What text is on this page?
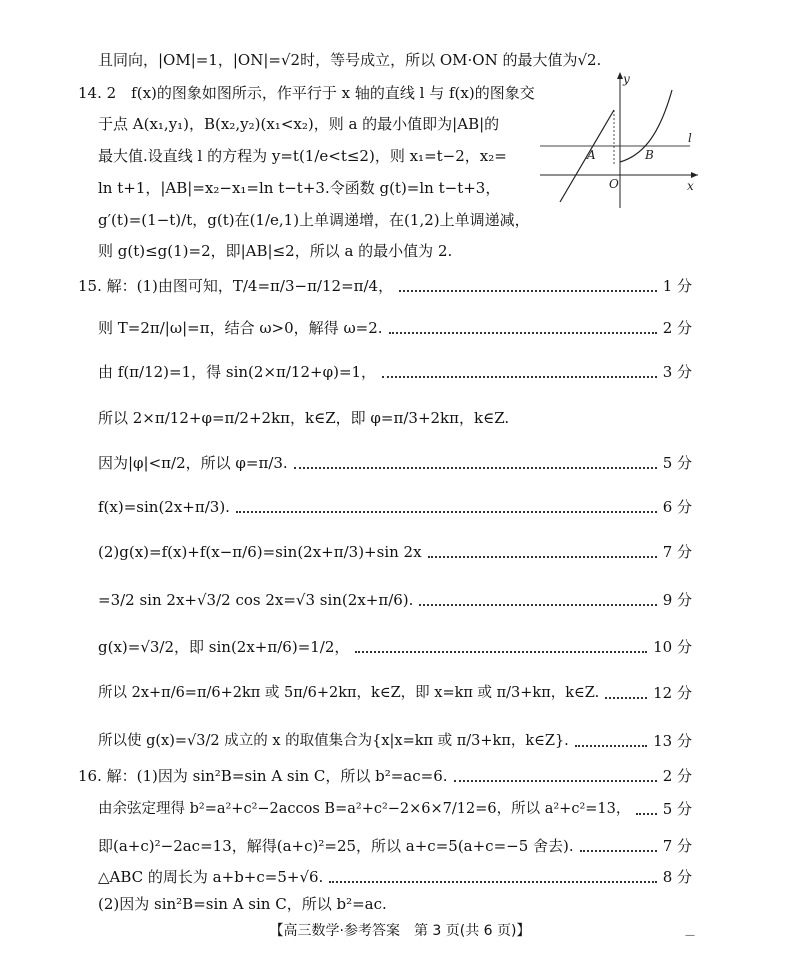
且同向，|OM|=1，|ON|=√2时，等号成立，所以 OM·ON 的最大值为√2.
14. 2　f(x)的图象如图所示，作平行于 x 轴的直线 l 与 f(x)的图象交
于点 A(x₁,y₁)，B(x₂,y₂)(x₁<x₂)，则 a 的最小值即为|AB|的
最大值.设直线 l 的方程为 y=t(1/e<t≤2)，则 x₁=t−2，x₂=
ln t+1，|AB|=x₂−x₁=ln t−t+3.令函数 g(t)=ln t−t+3，
g′(t)=(1−t)/t，g(t)在(1/e,1)上单调递增，在(1,2)上单调递减，
则 g(t)≤g(1)=2，即|AB|≤2，所以 a 的最小值为 2.
y
x
O
l
A	B
15. 解：(1)由图可知，T/4=π/3−π/12=π/4，	1 分
则 T=2π/|ω|=π，结合 ω>0，解得 ω=2.	2 分
由 f(π/12)=1，得 sin(2×π/12+φ)=1，	3 分
所以 2×π/12+φ=π/2+2kπ，k∈Z，即 φ=π/3+2kπ，k∈Z.
因为|φ|<π/2，所以 φ=π/3.	5 分
f(x)=sin(2x+π/3).	6 分
(2)g(x)=f(x)+f(x−π/6)=sin(2x+π/3)+sin 2x	7 分
=3/2 sin 2x+√3/2 cos 2x=√3 sin(2x+π/6).	9 分
g(x)=√3/2，即 sin(2x+π/6)=1/2，	10 分
所以 2x+π/6=π/6+2kπ 或 5π/6+2kπ，k∈Z，即 x=kπ 或 π/3+kπ，k∈Z.	12 分
所以使 g(x)=√3/2 成立的 x 的取值集合为{x|x=kπ 或 π/3+kπ，k∈Z}.	13 分
16. 解：(1)因为 sin²B=sin A sin C，所以 b²=ac=6.	2 分
由余弦定理得 b²=a²+c²−2accos B=a²+c²−2×6×7/12=6，所以 a²+c²=13， 5 分
即(a+c)²−2ac=13，解得(a+c)²=25，所以 a+c=5(a+c=−5 舍去).	7 分
△ABC 的周长为 a+b+c=5+√6.	8 分
(2)因为 sin²B=sin A sin C，所以 b²=ac.
【高三数学·参考答案　第 3 页(共 6 页)】	—
